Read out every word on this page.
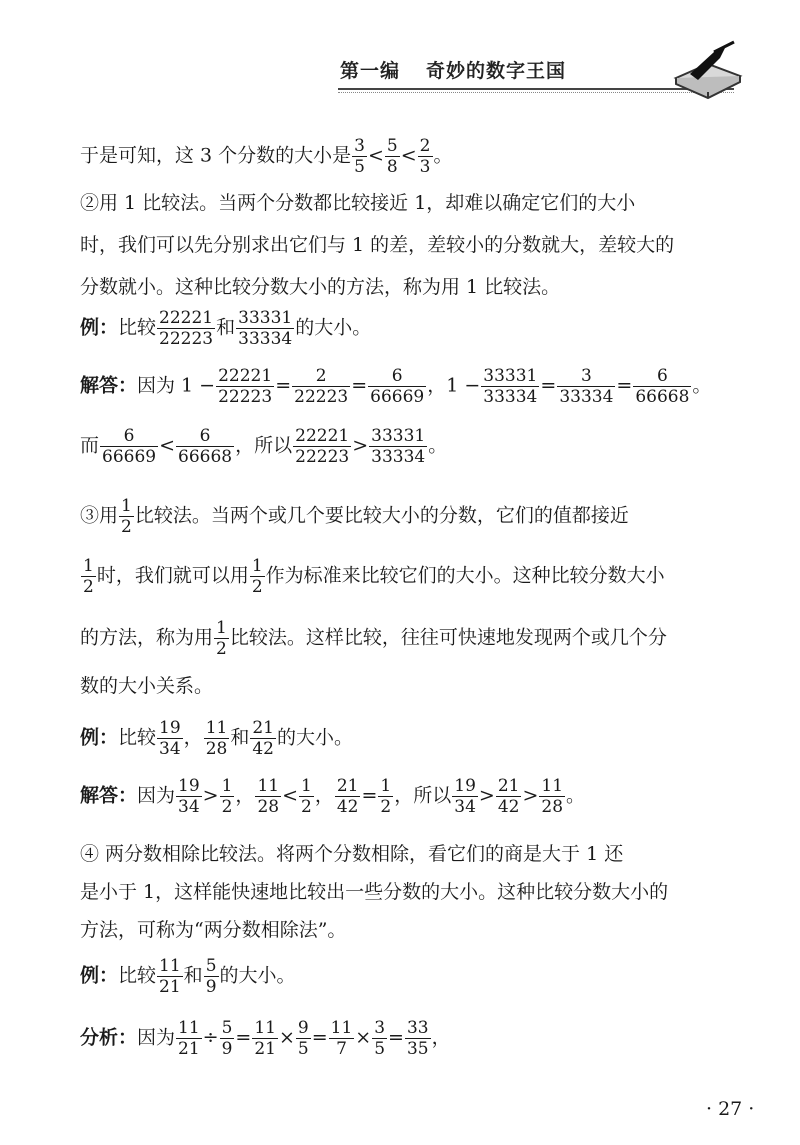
第一编 奇妙的数字王国
于是可知，这 3 个分数的大小是 $\frac{3}{5} < \frac{5}{8} < \frac{2}{3}$ 。
②用 1 比较法。当两个分数都比较接近 1，却难以确定它们的大小
时，我们可以先分别求出它们与 1 的差，差较小的分数就大，差较大的
分数就小。这种比较分数大小的方法，称为用 1 比较法。
例：比较 $\frac{22221}{22223}$ 和 $\frac{33331}{33334}$ 的大小。
解答：因为 $1 - \frac{22221}{22223} = \frac{2}{22223} = \frac{6}{66669}$ ，$1 - \frac{33331}{33334} = \frac{3}{33334} = \frac{6}{66668}$ 。
而 $\frac{6}{66669} < \frac{6}{66668}$ ，所以 $\frac{22221}{22223} > \frac{33331}{33334}$ 。
③用 $\frac{1}{2}$ 比较法。当两个或几个要比较大小的分数，它们的值都接近
$\frac{1}{2}$ 时，我们就可以用 $\frac{1}{2}$ 作为标准来比较它们的大小。这种比较分数大小
的方法，称为用 $\frac{1}{2}$ 比较法。这样比较，往往可快速地发现两个或几个分
数的大小关系。
例：比较 $\frac{19}{34}$ ， $\frac{11}{28}$ 和 $\frac{21}{42}$ 的大小。
解答：因为 $\frac{19}{34} > \frac{1}{2}$ ， $\frac{11}{28} < \frac{1}{2}$ ， $\frac{21}{42} = \frac{1}{2}$ ，所以 $\frac{19}{34} > \frac{21}{42} > \frac{11}{28}$ 。
④ 两分数相除比较法。将两个分数相除，看它们的商是大于 1 还
是小于 1，这样能快速地比较出一些分数的大小。这种比较分数大小的
方法，可称为“两分数相除法”。
例：比较 $\frac{11}{21}$ 和 $\frac{5}{9}$ 的大小。
分析：因为 $\frac{11}{21} \div \frac{5}{9} = \frac{11}{21} \times \frac{9}{5} = \frac{11}{7} \times \frac{3}{5} = \frac{33}{35}$ ，
· 27 ·
